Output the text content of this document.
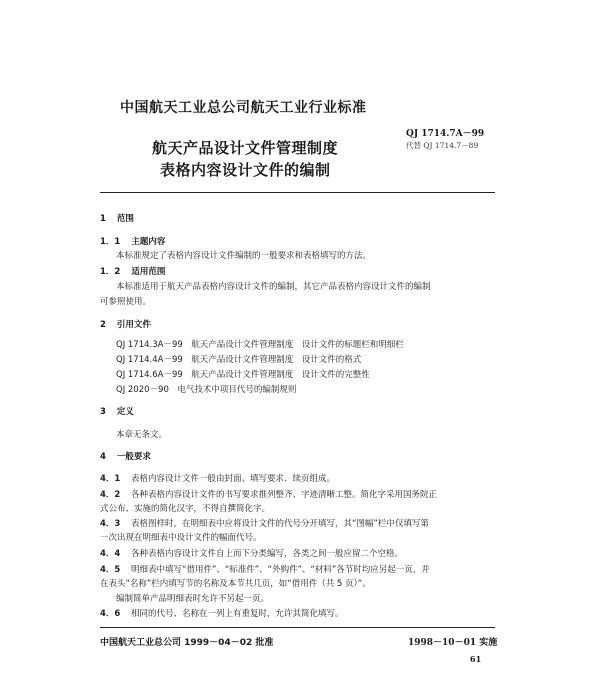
中国航天工业总公司航天工业行业标准
QJ 1714.7A－99
代替 QJ 1714.7－89
航天产品设计文件管理制度
表格内容设计文件的编制
1 范围
1．1 主题内容
本标准规定了表格内容设计文件编制的一般要求和表格填写的方法。
1．2 适用范围
本标准适用于航天产品表格内容设计文件的编制，其它产品表格内容设计文件的编制
可参照使用。
2 引用文件
QJ 1714.3A－99　航天产品设计文件管理制度　设计文件的标题栏和明细栏
QJ 1714.4A－99　航天产品设计文件管理制度　设计文件的格式
QJ 1714.6A－99　航天产品设计文件管理制度　设计文件的完整性
QJ 2020－90　电气技术中项目代号的编制规则
3 定义
本章无条文。
4 一般要求
4．1 表格内容设计文件一般由封面、填写要求、续页组成。
4．2 各种表格内容设计文件的书写要求推列整齐、字迹清晰工整。简化字采用国务院正
式公布、实施的简化汉字，不得自撰简化字。
4．3 表格图样时，在明细表中应将设计文件的代号分开填写，其“图幅”栏中仅填写第
一次出现在明细表中设计文件的幅面代号。
4．4 各种表格内容设计文件自上而下分类编写，各类之间一般应留二个空格。
4．5 明细表中填写“借用件”、“标准件”、“外购件”、“材料”各节时均应另起一页，并
在表头“名称”栏内填写节的名称及本节共几页，如“借用件（共 5 页）”。
编制简单产品明细表时允许不另起一页。
4．6 相同的代号、名称在一列上有重复时，允许其简化填写。
中国航天工业总公司 1999－04－02 批准	1998－10－01 实施
61
